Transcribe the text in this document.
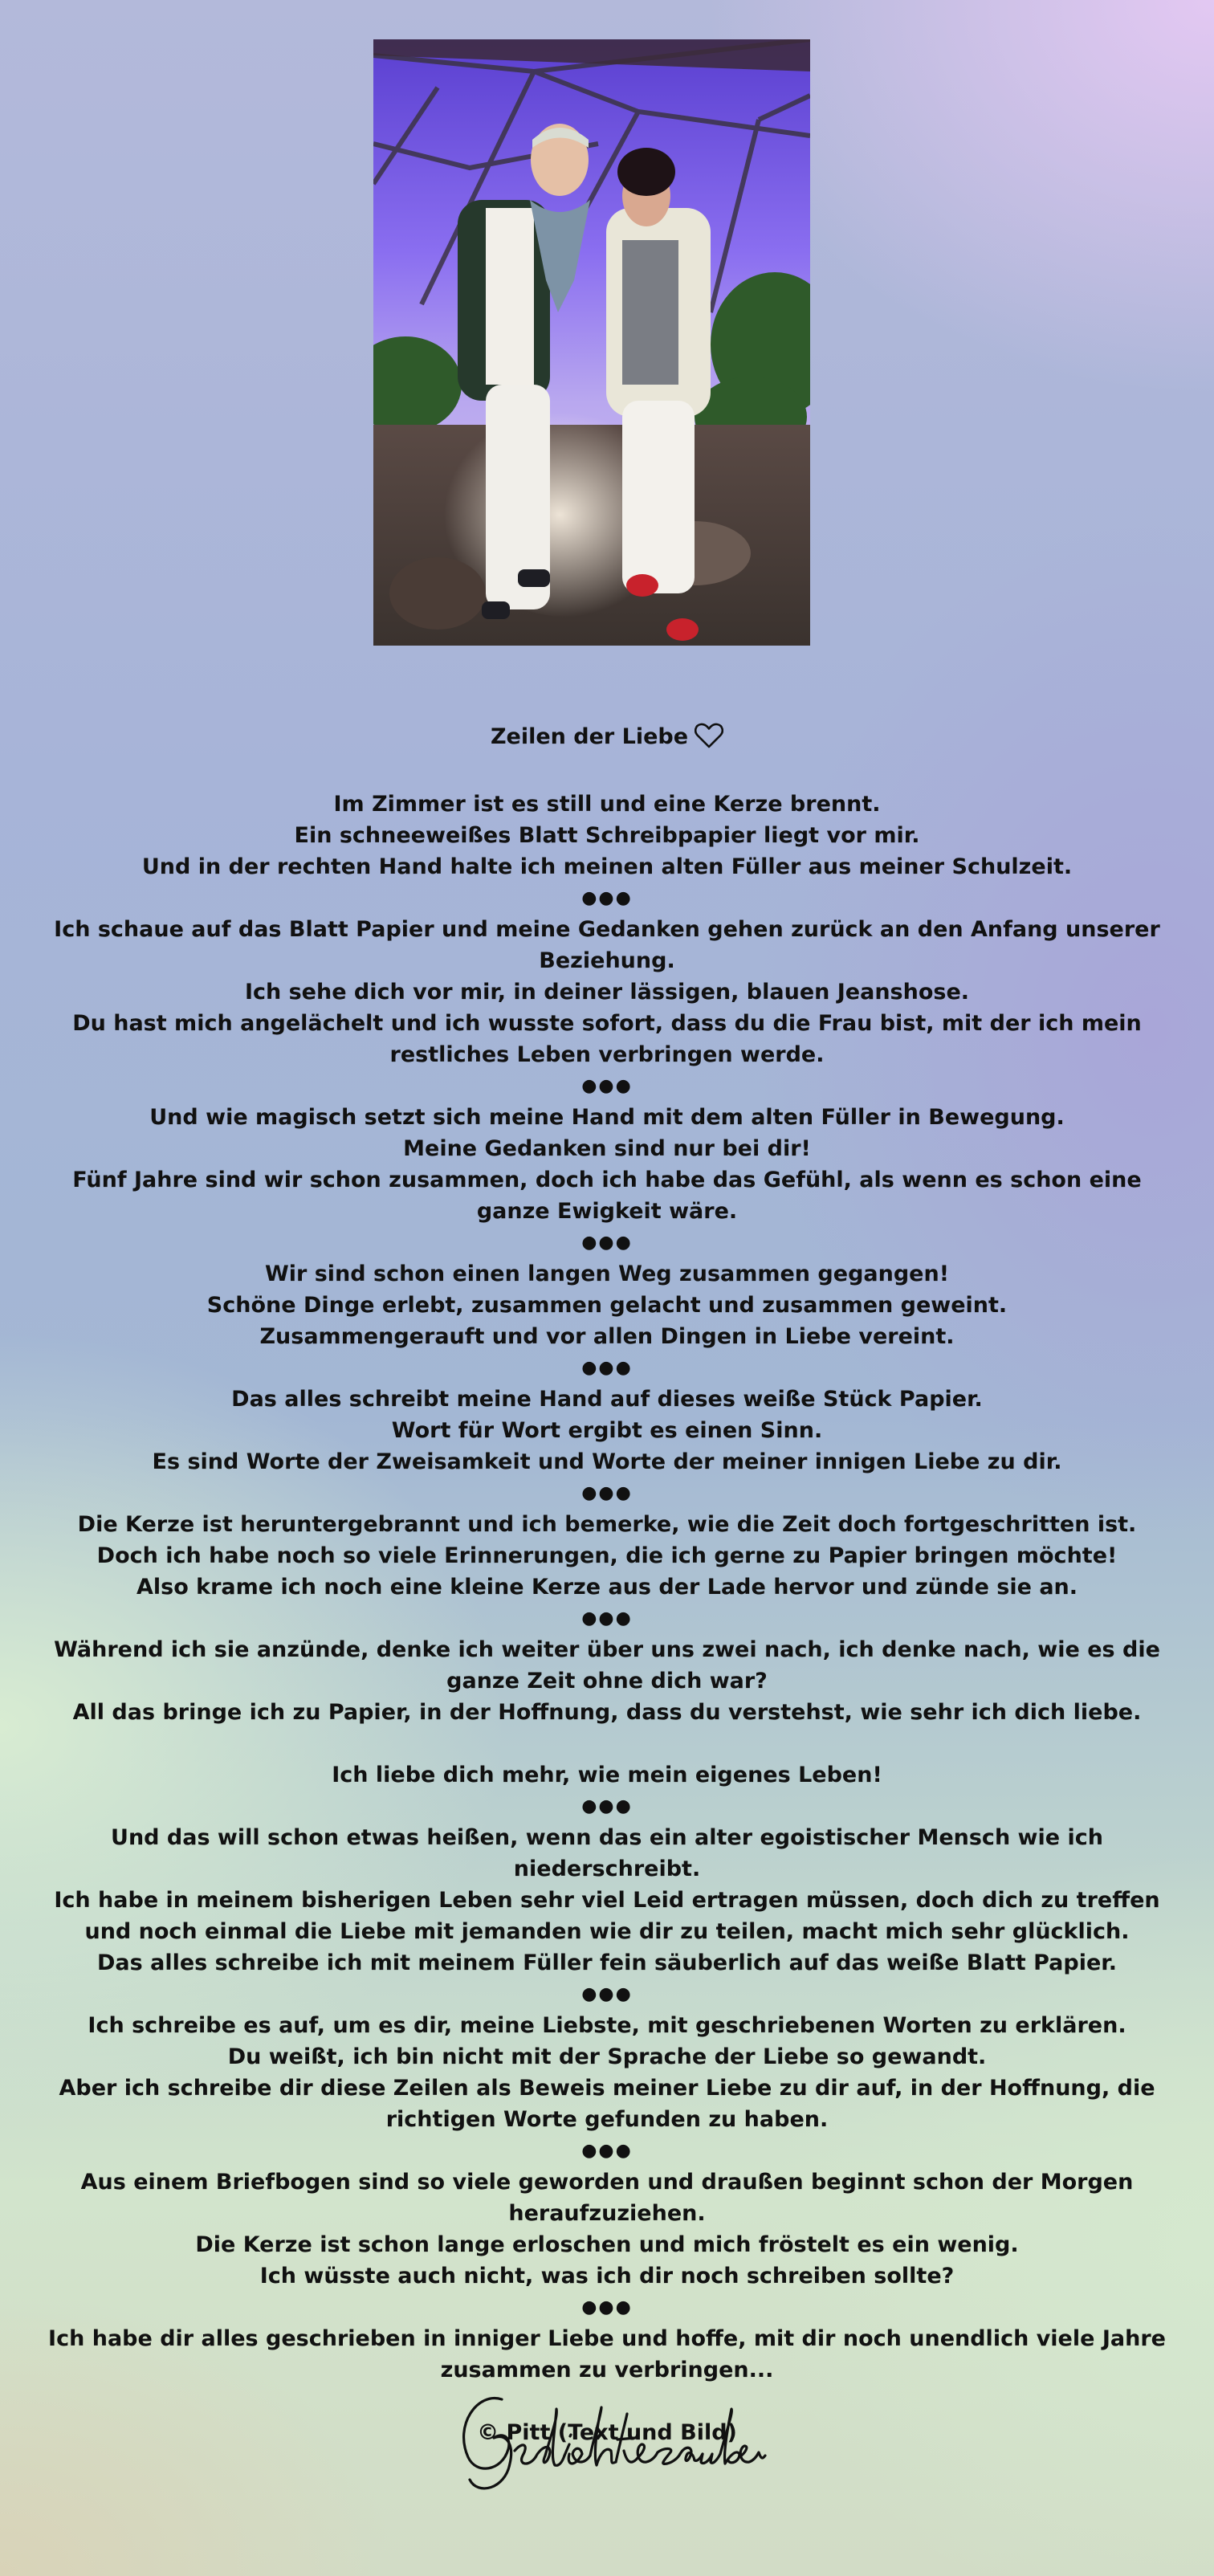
Zeilen der Liebe
Im Zimmer ist es still und eine Kerze brennt.
Ein schneeweißes Blatt Schreibpapier liegt vor mir.
Und in der rechten Hand halte ich meinen alten Füller aus meiner Schulzeit.
●●●
Ich schaue auf das Blatt Papier und meine Gedanken gehen zurück an den Anfang unserer Beziehung.
Ich sehe dich vor mir, in deiner lässigen, blauen Jeanshose.
Du hast mich angelächelt und ich wusste sofort, dass du die Frau bist, mit der ich mein restliches Leben verbringen werde.
●●●
Und wie magisch setzt sich meine Hand mit dem alten Füller in Bewegung.
Meine Gedanken sind nur bei dir!
Fünf Jahre sind wir schon zusammen, doch ich habe das Gefühl, als wenn es schon eine ganze Ewigkeit wäre.
●●●
Wir sind schon einen langen Weg zusammen gegangen!
Schöne Dinge erlebt, zusammen gelacht und zusammen geweint.
Zusammengerauft und vor allen Dingen in Liebe vereint.
●●●
Das alles schreibt meine Hand auf dieses weiße Stück Papier.
Wort für Wort ergibt es einen Sinn.
Es sind Worte der Zweisamkeit und Worte der meiner innigen Liebe zu dir.
●●●
Die Kerze ist heruntergebrannt und ich bemerke, wie die Zeit doch fortgeschritten ist.
Doch ich habe noch so viele Erinnerungen, die ich gerne zu Papier bringen möchte!
Also krame ich noch eine kleine Kerze aus der Lade hervor und zünde sie an.
●●●
Während ich sie anzünde, denke ich weiter über uns zwei nach, ich denke nach, wie es die ganze Zeit ohne dich war?
All das bringe ich zu Papier, in der Hoffnung, dass du verstehst, wie sehr ich dich liebe.
Ich liebe dich mehr, wie mein eigenes Leben!
●●●
Und das will schon etwas heißen, wenn das ein alter egoistischer Mensch wie ich niederschreibt.
Ich habe in meinem bisherigen Leben sehr viel Leid ertragen müssen, doch dich zu treffen und noch einmal die Liebe mit jemanden wie dir zu teilen, macht mich sehr glücklich.
Das alles schreibe ich mit meinem Füller fein säuberlich auf das weiße Blatt Papier.
●●●
Ich schreibe es auf, um es dir, meine Liebste, mit geschriebenen Worten zu erklären.
Du weißt, ich bin nicht mit der Sprache der Liebe so gewandt.
Aber ich schreibe dir diese Zeilen als Beweis meiner Liebe zu dir auf, in der Hoffnung, die richtigen Worte gefunden zu haben.
●●●
Aus einem Briefbogen sind so viele geworden und draußen beginnt schon der Morgen heraufzuziehen.
Die Kerze ist schon lange erloschen und mich fröstelt es ein wenig.
Ich wüsste auch nicht, was ich dir noch schreiben sollte?
●●●
Ich habe dir alles geschrieben in inniger Liebe und hoffe, mit dir noch unendlich viele Jahre zusammen zu verbringen...
© Pitt (Text und Bild)
